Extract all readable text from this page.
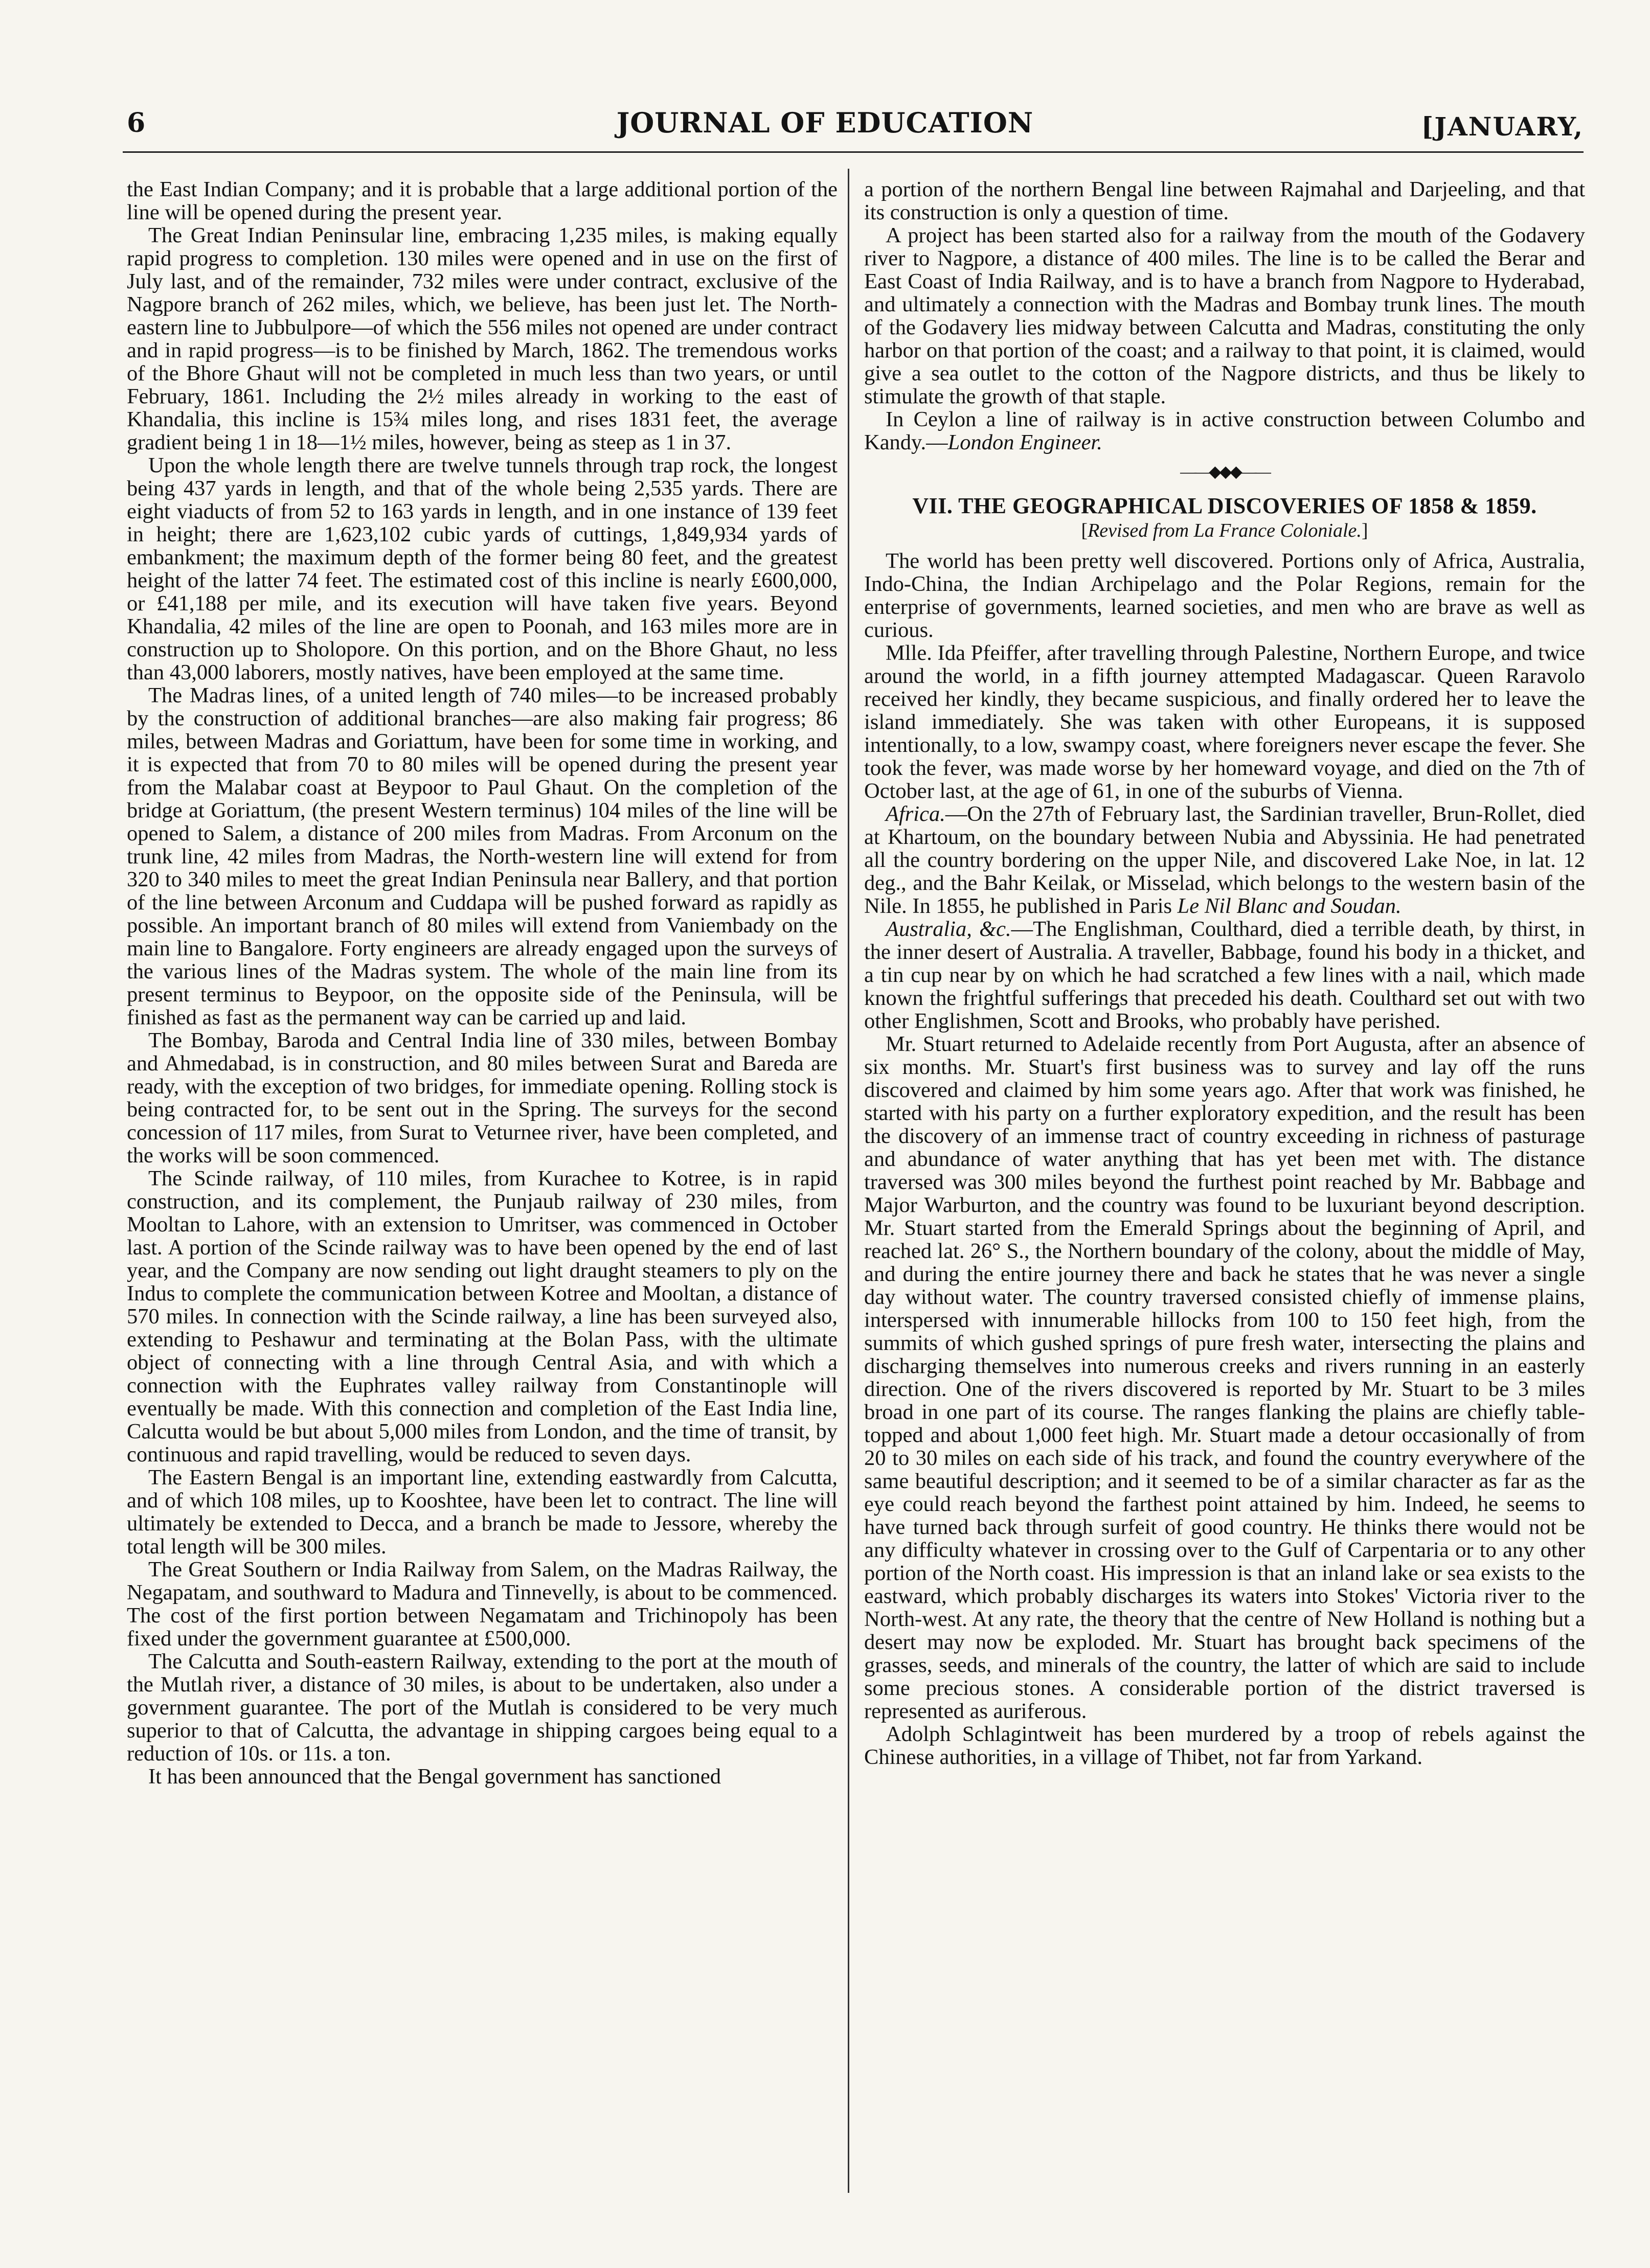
6	JOURNAL OF EDUCATION	[JANUARY,

the East Indian Company; and it is probable that a large additional portion of the line will be opened during the present year.

The Great Indian Peninsular line, embracing 1,235 miles, is making equally rapid progress to completion. 130 miles were opened and in use on the first of July last, and of the remainder, 732 miles were under contract, exclusive of the Nagpore branch of 262 miles, which, we believe, has been just let. The North-eastern line to Jubbulpore—of which the 556 miles not opened are under contract and in rapid progress—is to be finished by March, 1862. The tremendous works of the Bhore Ghaut will not be completed in much less than two years, or until February, 1861. Including the 2½ miles already in working to the east of Khandalia, this incline is 15¾ miles long, and rises 1831 feet, the average gradient being 1 in 18—1½ miles, however, being as steep as 1 in 37.

Upon the whole length there are twelve tunnels through trap rock, the longest being 437 yards in length, and that of the whole being 2,535 yards. There are eight viaducts of from 52 to 163 yards in length, and in one instance of 139 feet in height; there are 1,623,102 cubic yards of cuttings, 1,849,934 yards of embankment; the maximum depth of the former being 80 feet, and the greatest height of the latter 74 feet. The estimated cost of this incline is nearly £600,000, or £41,188 per mile, and its execution will have taken five years. Beyond Khandalia, 42 miles of the line are open to Poonah, and 163 miles more are in construction up to Sholopore. On this portion, and on the Bhore Ghaut, no less than 43,000 laborers, mostly natives, have been employed at the same time.

The Madras lines, of a united length of 740 miles—to be increased probably by the construction of additional branches—are also making fair progress; 86 miles, between Madras and Goriattum, have been for some time in working, and it is expected that from 70 to 80 miles will be opened during the present year from the Malabar coast at Beypoor to Paul Ghaut. On the completion of the bridge at Goriattum, (the present Western terminus) 104 miles of the line will be opened to Salem, a distance of 200 miles from Madras. From Arconum on the trunk line, 42 miles from Madras, the North-western line will extend for from 320 to 340 miles to meet the great Indian Peninsula near Ballery, and that portion of the line between Arconum and Cuddapa will be pushed forward as rapidly as possible. An important branch of 80 miles will extend from Vaniembady on the main line to Bangalore. Forty engineers are already engaged upon the surveys of the various lines of the Madras system. The whole of the main line from its present terminus to Beypoor, on the opposite side of the Peninsula, will be finished as fast as the permanent way can be carried up and laid.

The Bombay, Baroda and Central India line of 330 miles, between Bombay and Ahmedabad, is in construction, and 80 miles between Surat and Bareda are ready, with the exception of two bridges, for immediate opening. Rolling stock is being contracted for, to be sent out in the Spring. The surveys for the second concession of 117 miles, from Surat to Veturnee river, have been completed, and the works will be soon commenced.

The Scinde railway, of 110 miles, from Kurachee to Kotree, is in rapid construction, and its complement, the Punjaub railway of 230 miles, from Mooltan to Lahore, with an extension to Umritser, was commenced in October last. A portion of the Scinde railway was to have been opened by the end of last year, and the Company are now sending out light draught steamers to ply on the Indus to complete the communication between Kotree and Mooltan, a distance of 570 miles. In connection with the Scinde railway, a line has been surveyed also, extending to Peshawur and terminating at the Bolan Pass, with the ultimate object of connecting with a line through Central Asia, and with which a connection with the Euphrates valley railway from Constantinople will eventually be made. With this connection and completion of the East India line, Calcutta would be but about 5,000 miles from London, and the time of transit, by continuous and rapid travelling, would be reduced to seven days.

The Eastern Bengal is an important line, extending eastwardly from Calcutta, and of which 108 miles, up to Kooshtee, have been let to contract. The line will ultimately be extended to Decca, and a branch be made to Jessore, whereby the total length will be 300 miles.

The Great Southern or India Railway from Salem, on the Madras Railway, the Negapatam, and southward to Madura and Tinnevelly, is about to be commenced. The cost of the first portion between Negamatam and Trichinopoly has been fixed under the government guarantee at £500,000.

The Calcutta and South-eastern Railway, extending to the port at the mouth of the Mutlah river, a distance of 30 miles, is about to be undertaken, also under a government guarantee. The port of the Mutlah is considered to be very much superior to that of Calcutta, the advantage in shipping cargoes being equal to a reduction of 10s. or 11s. a ton.

It has been announced that the Bengal government has sanctioned

a portion of the northern Bengal line between Rajmahal and Darjeeling, and that its construction is only a question of time.

A project has been started also for a railway from the mouth of the Godavery river to Nagpore, a distance of 400 miles. The line is to be called the Berar and East Coast of India Railway, and is to have a branch from Nagpore to Hyderabad, and ultimately a connection with the Madras and Bombay trunk lines. The mouth of the Godavery lies midway between Calcutta and Madras, constituting the only harbor on that portion of the coast; and a railway to that point, it is claimed, would give a sea outlet to the cotton of the Nagpore districts, and thus be likely to stimulate the growth of that staple.

In Ceylon a line of railway is in active construction between Columbo and Kandy.—London Engineer.

——◆◆◆——
VII. THE GEOGRAPHICAL DISCOVERIES OF 1858 & 1859.
[Revised from La France Coloniale.]

The world has been pretty well discovered. Portions only of Africa, Australia, Indo-China, the Indian Archipelago and the Polar Regions, remain for the enterprise of governments, learned societies, and men who are brave as well as curious.

Mlle. Ida Pfeiffer, after travelling through Palestine, Northern Europe, and twice around the world, in a fifth journey attempted Madagascar. Queen Raravolo received her kindly, they became suspicious, and finally ordered her to leave the island immediately. She was taken with other Europeans, it is supposed intentionally, to a low, swampy coast, where foreigners never escape the fever. She took the fever, was made worse by her homeward voyage, and died on the 7th of October last, at the age of 61, in one of the suburbs of Vienna.

Africa.—On the 27th of February last, the Sardinian traveller, Brun-Rollet, died at Khartoum, on the boundary between Nubia and Abyssinia. He had penetrated all the country bordering on the upper Nile, and discovered Lake Noe, in lat. 12 deg., and the Bahr Keilak, or Misselad, which belongs to the western basin of the Nile. In 1855, he published in Paris Le Nil Blanc and Soudan.

Australia, &c.—The Englishman, Coulthard, died a terrible death, by thirst, in the inner desert of Australia. A traveller, Babbage, found his body in a thicket, and a tin cup near by on which he had scratched a few lines with a nail, which made known the frightful sufferings that preceded his death. Coulthard set out with two other Englishmen, Scott and Brooks, who probably have perished.

Mr. Stuart returned to Adelaide recently from Port Augusta, after an absence of six months. Mr. Stuart's first business was to survey and lay off the runs discovered and claimed by him some years ago. After that work was finished, he started with his party on a further exploratory expedition, and the result has been the discovery of an immense tract of country exceeding in richness of pasturage and abundance of water anything that has yet been met with. The distance traversed was 300 miles beyond the furthest point reached by Mr. Babbage and Major Warburton, and the country was found to be luxuriant beyond description. Mr. Stuart started from the Emerald Springs about the beginning of April, and reached lat. 26° S., the Northern boundary of the colony, about the middle of May, and during the entire journey there and back he states that he was never a single day without water. The country traversed consisted chiefly of immense plains, interspersed with innumerable hillocks from 100 to 150 feet high, from the summits of which gushed springs of pure fresh water, intersecting the plains and discharging themselves into numerous creeks and rivers running in an easterly direction. One of the rivers discovered is reported by Mr. Stuart to be 3 miles broad in one part of its course. The ranges flanking the plains are chiefly table-topped and about 1,000 feet high. Mr. Stuart made a detour occasionally of from 20 to 30 miles on each side of his track, and found the country everywhere of the same beautiful description; and it seemed to be of a similar character as far as the eye could reach beyond the farthest point attained by him. Indeed, he seems to have turned back through surfeit of good country. He thinks there would not be any difficulty whatever in crossing over to the Gulf of Carpentaria or to any other portion of the North coast. His impression is that an inland lake or sea exists to the eastward, which probably discharges its waters into Stokes' Victoria river to the North-west. At any rate, the theory that the centre of New Holland is nothing but a desert may now be exploded. Mr. Stuart has brought back specimens of the grasses, seeds, and minerals of the country, the latter of which are said to include some precious stones. A considerable portion of the district traversed is represented as auriferous.

Adolph Schlagintweit has been murdered by a troop of rebels against the Chinese authorities, in a village of Thibet, not far from Yarkand.
